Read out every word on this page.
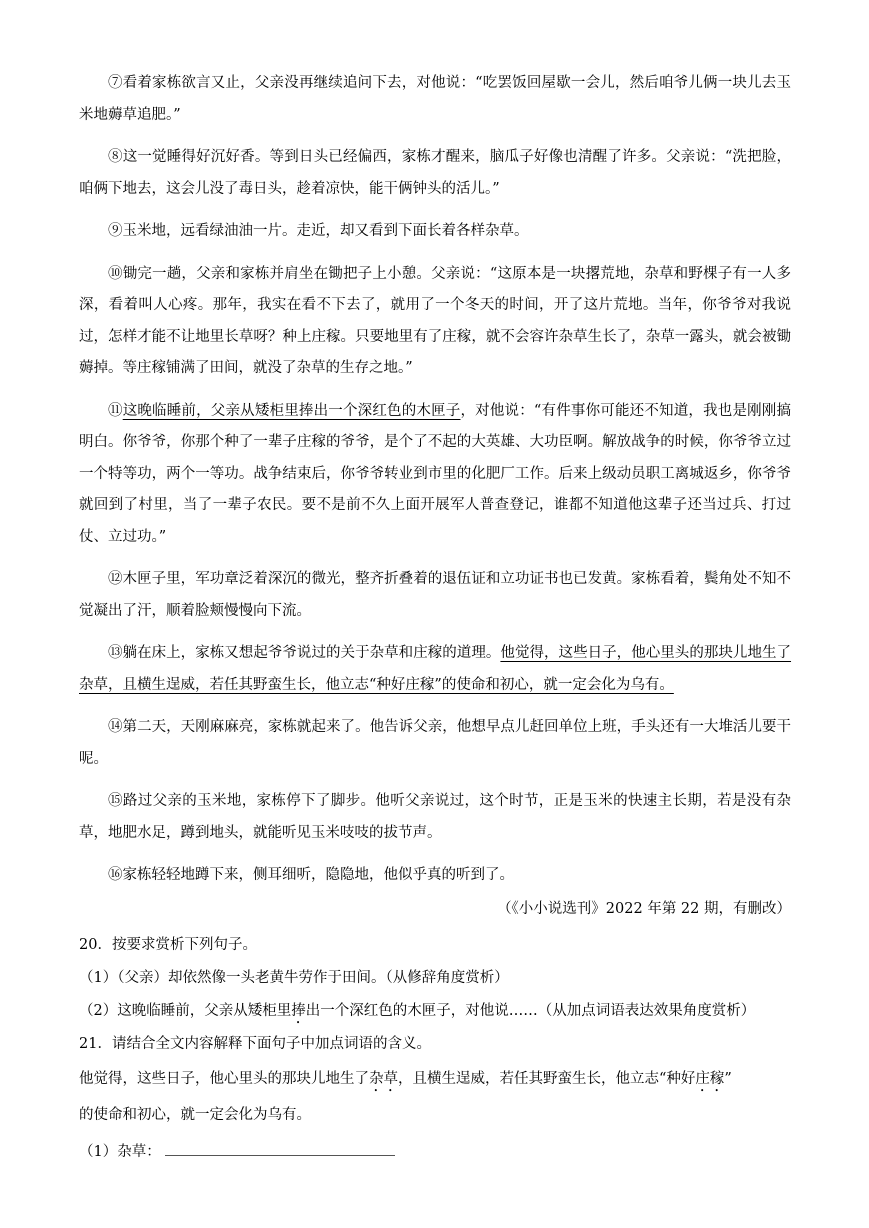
⑦看着家栋欲言又止，父亲没再继续追问下去，对他说：“吃罢饭回屋歇一会儿，然后咱爷儿俩一块儿去玉米地薅草追肥。”

⑧这一觉睡得好沉好香。等到日头已经偏西，家栋才醒来，脑瓜子好像也清醒了许多。父亲说：“洗把脸，咱俩下地去，这会儿没了毒日头，趁着凉快，能干俩钟头的活儿。”

⑨玉米地，远看绿油油一片。走近，却又看到下面长着各样杂草。

⑩锄完一趟，父亲和家栋并肩坐在锄把子上小憩。父亲说：“这原本是一块撂荒地，杂草和野棵子有一人多深，看着叫人心疼。那年，我实在看不下去了，就用了一个冬天的时间，开了这片荒地。当年，你爷爷对我说过，怎样才能不让地里长草呀？种上庄稼。只要地里有了庄稼，就不会容许杂草生长了，杂草一露头，就会被锄薅掉。等庄稼铺满了田间，就没了杂草的生存之地。”

⑪这晚临睡前，父亲从矮柜里捧出一个深红色的木匣子，对他说：“有件事你可能还不知道，我也是刚刚搞明白。你爷爷，你那个种了一辈子庄稼的爷爷，是个了不起的大英雄、大功臣啊。解放战争的时候，你爷爷立过一个特等功，两个一等功。战争结束后，你爷爷转业到市里的化肥厂工作。后来上级动员职工离城返乡，你爷爷就回到了村里，当了一辈子农民。要不是前不久上面开展军人普查登记，谁都不知道他这辈子还当过兵、打过仗、立过功。”

⑫木匣子里，军功章泛着深沉的微光，整齐折叠着的退伍证和立功证书也已发黄。家栋看着，鬓角处不知不觉凝出了汗，顺着脸颊慢慢向下流。

⑬躺在床上，家栋又想起爷爷说过的关于杂草和庄稼的道理。他觉得，这些日子，他心里头的那块儿地生了杂草，且横生逞威，若任其野蛮生长，他立志“种好庄稼”的使命和初心，就一定会化为乌有。

⑭第二天，天刚麻麻亮，家栋就起来了。他告诉父亲，他想早点儿赶回单位上班，手头还有一大堆活儿要干呢。

⑮路过父亲的玉米地，家栋停下了脚步。他听父亲说过，这个时节，正是玉米的快速主长期，若是没有杂草，地肥水足，蹲到地头，就能听见玉米吱吱的拔节声。

⑯家栋轻轻地蹲下来，侧耳细听，隐隐地，他似乎真的听到了。

（《小小说选刊》2022 年第 22 期，有删改）

20．按要求赏析下列句子。

（1）（父亲）却依然像一头老黄牛劳作于田间。（从修辞角度赏析）

（2）这晚临睡前，父亲从矮柜里捧出一个深红色的木匣子，对他说……（从加点词语表达效果角度赏析）

21．请结合全文内容解释下面句子中加点词语的含义。

他觉得，这些日子，他心里头的那块儿地生了杂草，且横生逞威，若任其野蛮生长，他立志“种好庄稼”

的使命和初心，就一定会化为乌有。

（1）杂草：
